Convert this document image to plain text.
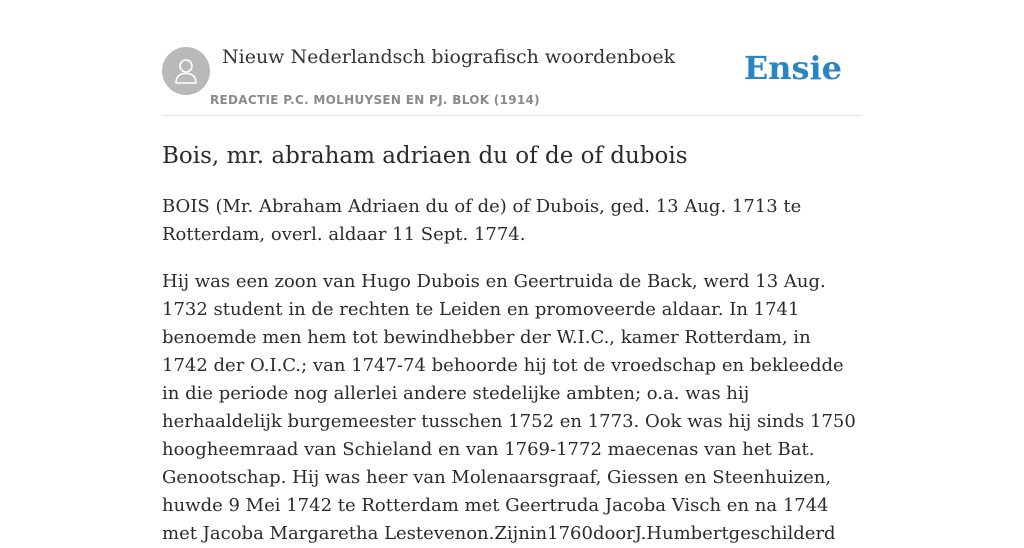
Nieuw Nederlandsch biografisch woordenboek
REDACTIE P.C. MOLHUYSEN EN PJ. BLOK (1914)
Ensie
Bois, mr. abraham adriaen du of de of dubois

BOIS (Mr. Abraham Adriaen du of de) of Dubois, ged. 13 Aug. 1713 te Rotterdam, overl. aldaar 11 Sept. 1774.

Hij was een zoon van Hugo Dubois en Geertruida de Back, werd 13 Aug. 1732 student in de rechten te Leiden en promoveerde aldaar. In 1741 benoemde men hem tot bewindhebber der W.I.C., kamer Rotterdam, in 1742 der O.I.C.; van 1747-74 behoorde hij tot de vroedschap en bekleedde in die periode nog allerlei andere stedelijke ambten; o.a. was hij herhaaldelijk burgemeester tusschen 1752 en 1773. Ook was hij sinds 1750 hoogheemraad van Schieland en van 1769-1772 maecenas van het Bat. Genootschap. Hij was heer van Molenaarsgraaf, Giessen en Steenhuizen, huwde 9 Mei 1742 te Rotterdam met Geertruda Jacoba Visch en na 1744 met Jacoba Margaretha Lestevenon.Zijnin1760doorJ.Humbertgeschilderd
